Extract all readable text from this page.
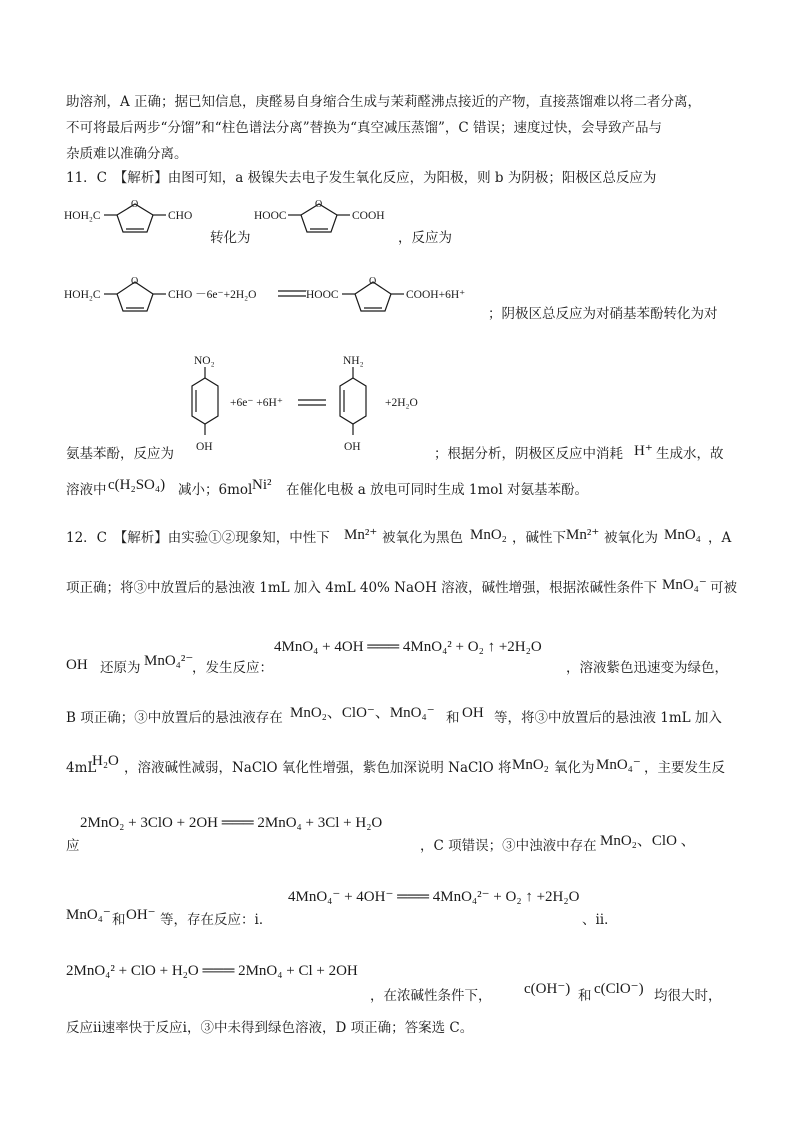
助溶剂，A 正确；据已知信息，庚醛易自身缩合生成与茉莉醛沸点接近的产物，直接蒸馏难以将二者分离，
不可将最后两步“分馏”和“柱色谱法分离”替换为“真空减压蒸馏”，C 错误；速度过快，会导致产品与
杂质难以准确分离。
11．C　【解析】由图可知，a 极镍失去电子发生氧化反应，为阳极，则 b 为阴极；阳极区总反应为
HOH₂C
O
CHO
转化为
HOOC
O
COOH
，反应为
HOH₂C
O
CHO －6e⁻+2H₂O	HOOC
O
COOH+6H⁺
；阴极区总反应为对硝基苯酚转化为对
NO₂
OH
+6e⁻ +6H⁺
NH₂
OH
+2H₂O
氨基苯酚，反应为	；根据分析，阴极区反应中消耗 H⁺ 生成水，故
溶液中 c(H₂SO₄) 减小；6mol Ni² 在催化电极 a 放电可同时生成 1mol 对氨基苯酚。
12．C　【解析】由实验①②现象知，中性下 Mn²⁺ 被氧化为黑色 MnO₂ ，碱性下 Mn²⁺ 被氧化为 MnO₄ ，A
项正确；将③中放置后的悬浊液 1mL 加入 4mL 40% NaOH 溶液，碱性增强，根据浓碱性条件下 MnO₄⁻ 可被
4MnO₄ + 4OH ═══ 4MnO₄² + O₂ ↑ +2H₂O
OH 还原为 MnO₄²⁻
，发生反应：	，溶液紫色迅速变为绿色，
B 项正确；③中放置后的悬浊液存在 MnO₂、ClO⁻、MnO₄⁻ 和 OH 等，将③中放置后的悬浊液 1mL 加入
4mL
H₂O ，溶液碱性减弱，NaClO 氧化性增强，紫色加深说明 NaClO 将 MnO₂ 氧化为 MnO₄⁻ ，主要发生反
2MnO₂ + 3ClO + 2OH ═══ 2MnO₄ + 3Cl + H₂O
应	，C 项错误；③中浊液中存在 MnO₂、ClO 、
4MnO₄⁻ + 4OH⁻ ═══ 4MnO₄²⁻ + O₂ ↑ +2H₂O
MnO₄⁻ 和 OH⁻ 等，存在反应：ⅰ．	、ⅱ．
2MnO₄² + ClO + H₂O ═══ 2MnO₄ + Cl + 2OH
，在浓碱性条件下， c(OH⁻) 和 c(ClO⁻) 均很大时，
反应ⅱ速率快于反应ⅰ，③中未得到绿色溶液，D 项正确；答案选 C。
